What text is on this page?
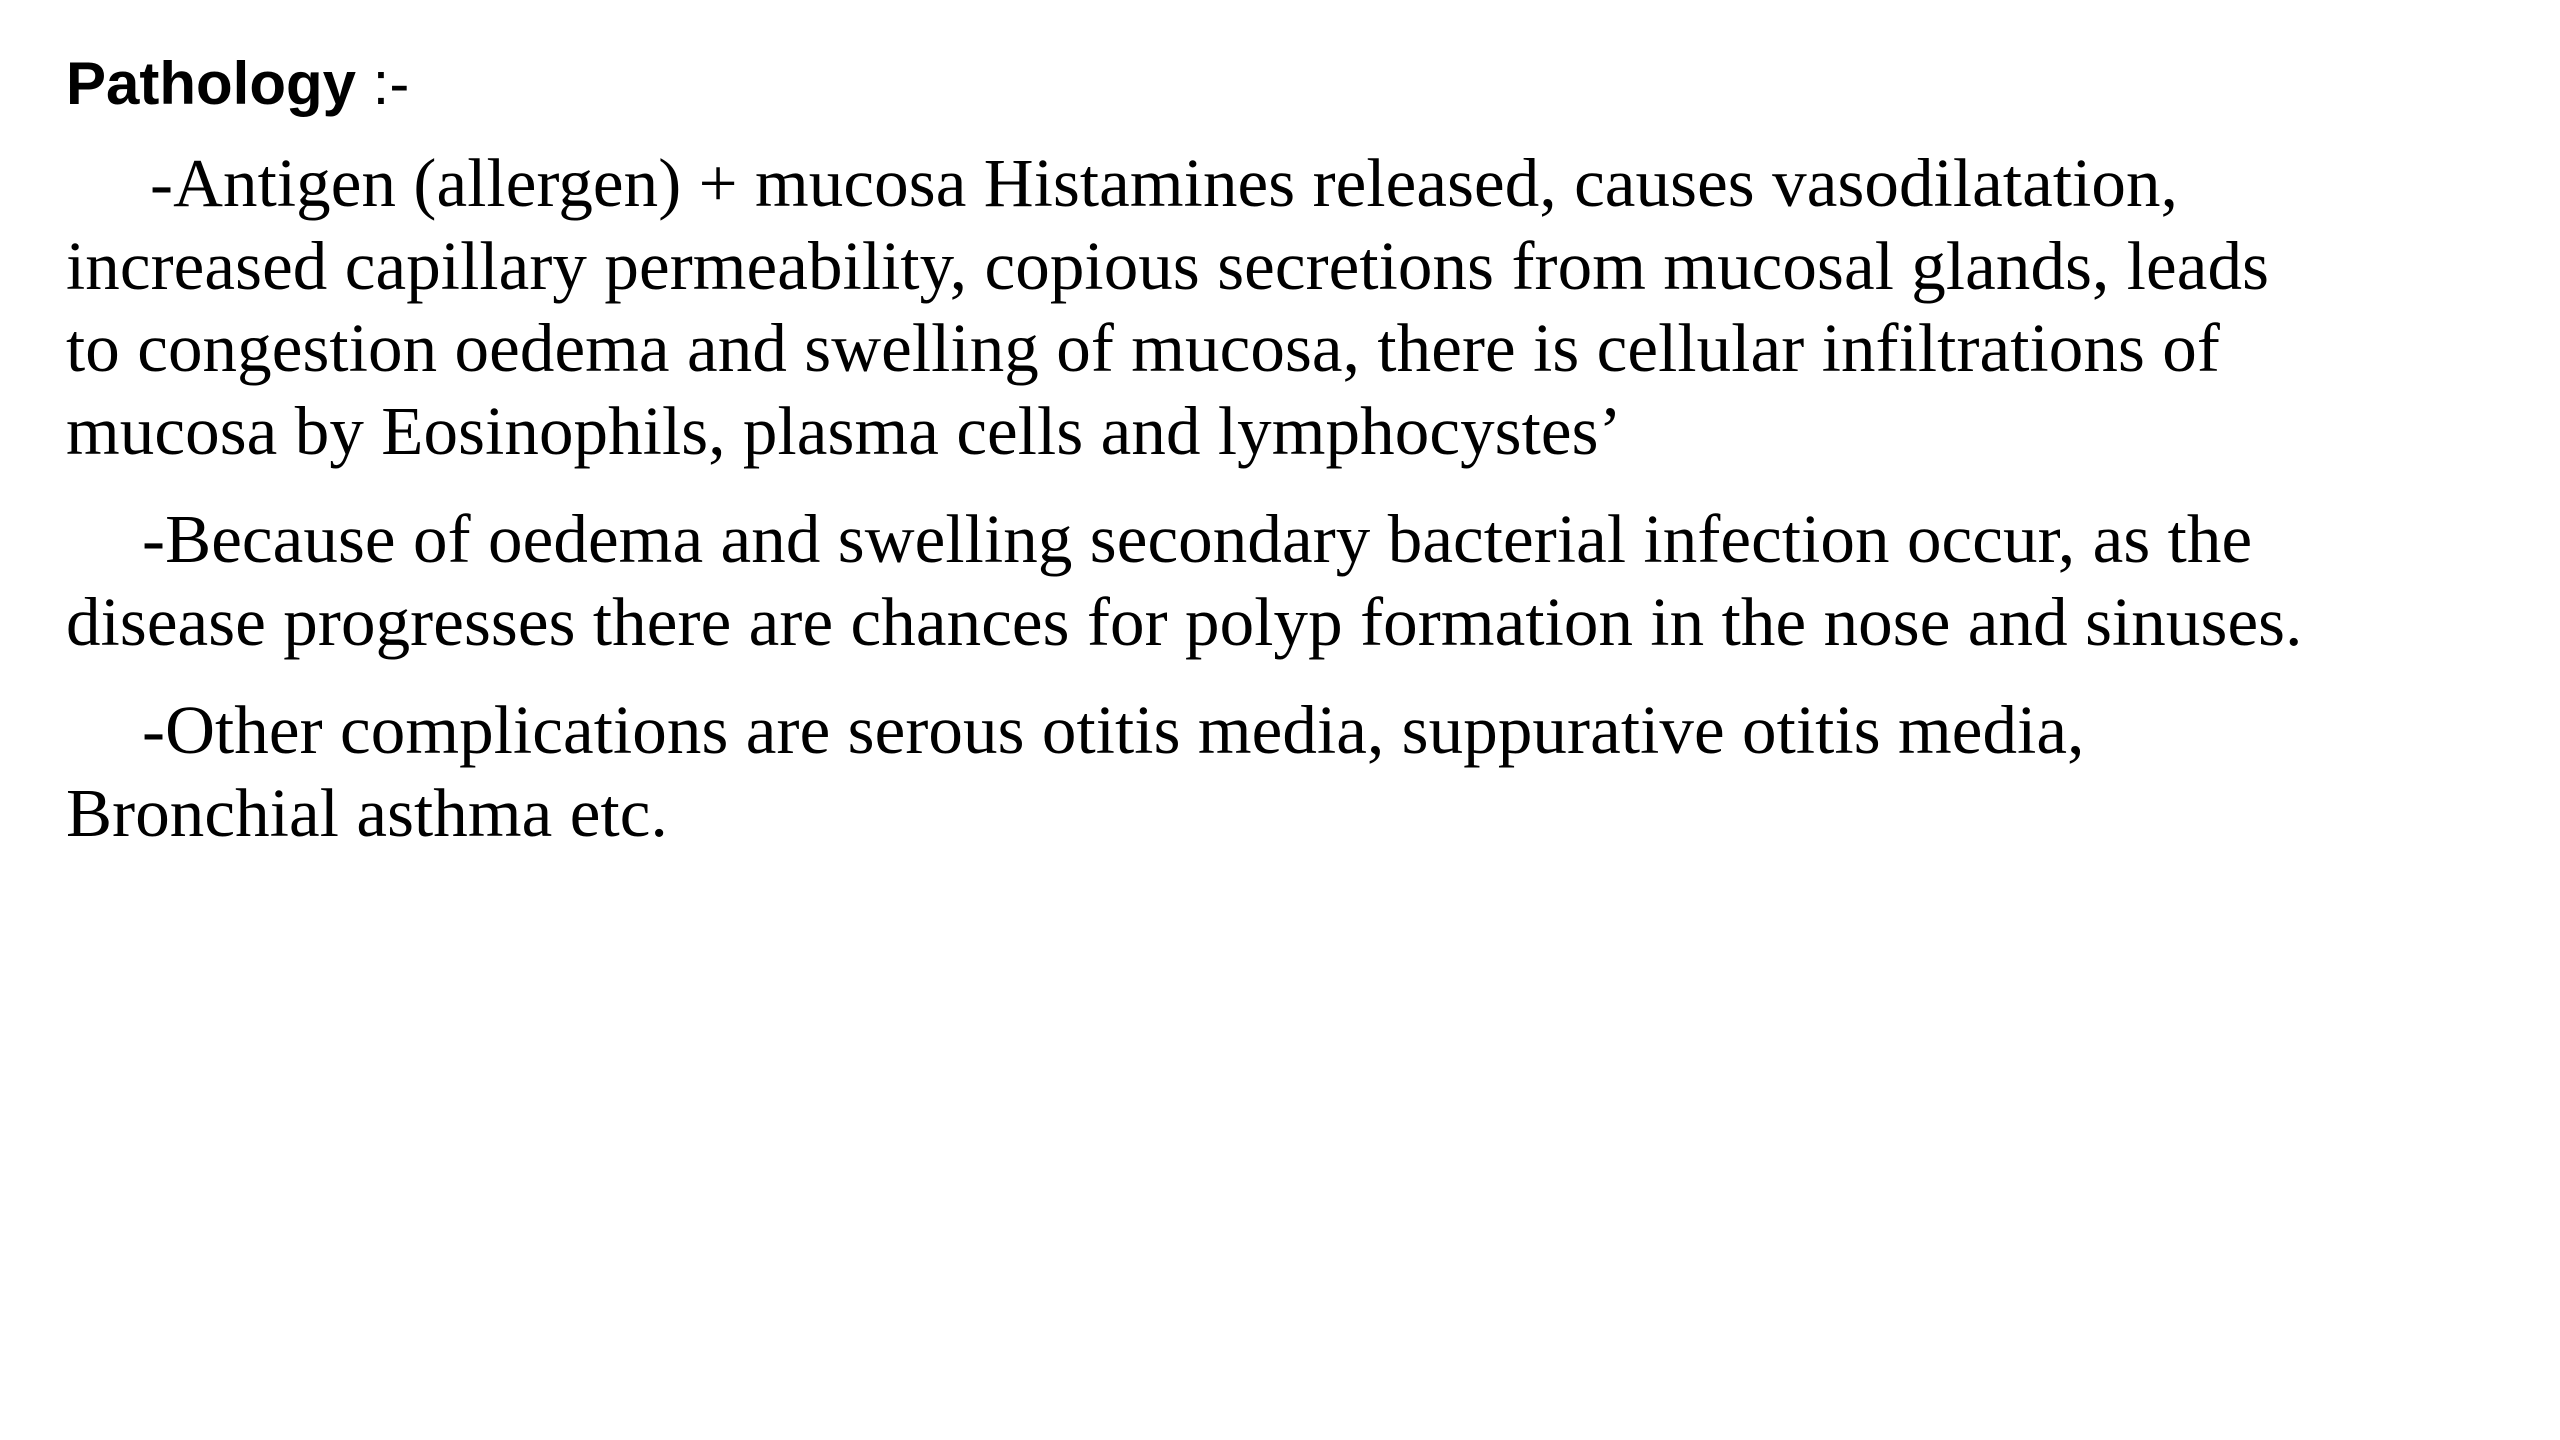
Pathology :-
-Antigen (allergen) + mucosa Histamines released, causes vasodilatation,
increased capillary permeability, copious secretions from mucosal glands, leads
to congestion oedema and swelling of mucosa, there is cellular infiltrations of
mucosa by Eosinophils, plasma cells and lymphocystes’
-Because of oedema and swelling secondary bacterial infection occur, as the
disease progresses there are chances for polyp formation in the nose and sinuses.
-Other complications are serous otitis media, suppurative otitis media,
Bronchial asthma etc.
